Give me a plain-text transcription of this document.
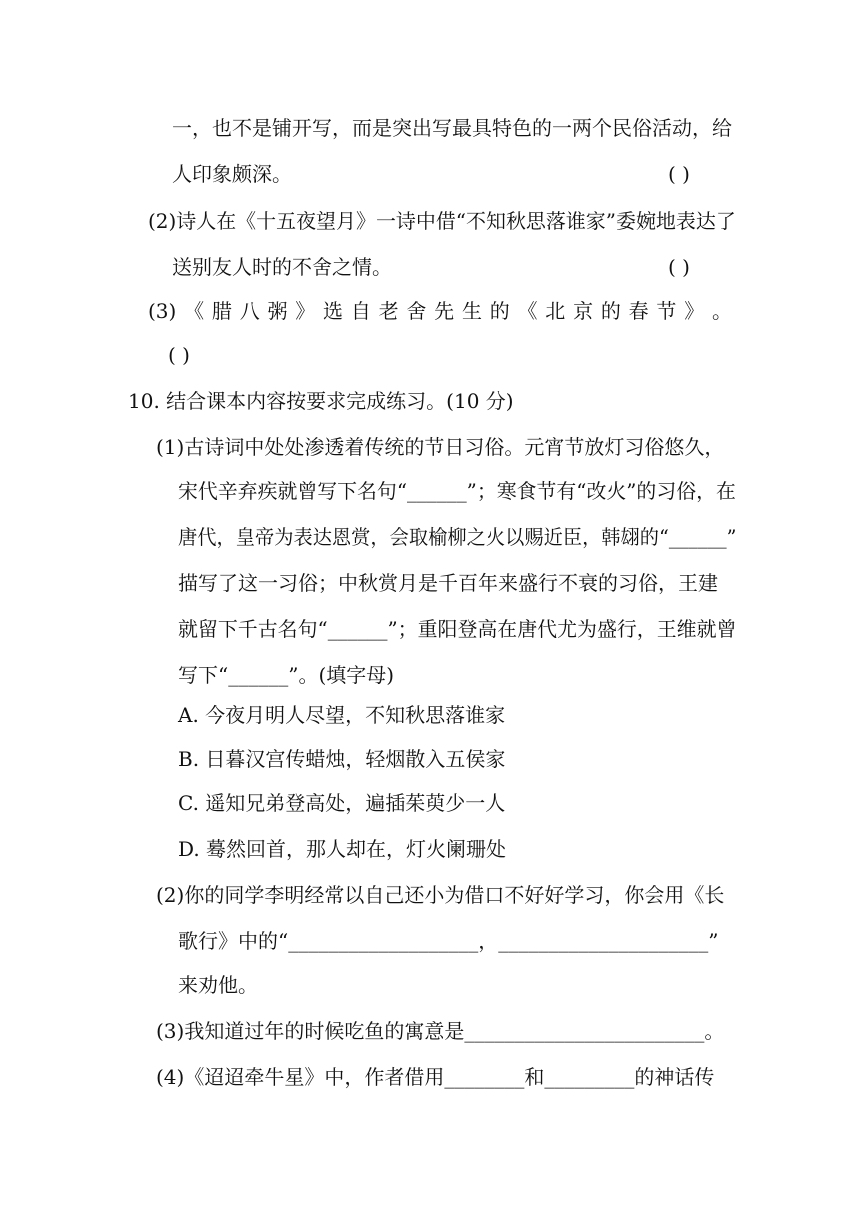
一，也不是铺开写，而是突出写最具特色的一两个民俗活动，给
人印象颇深。	( )
(2)诗人在《十五夜望月》一诗中借“不知秋思落谁家”委婉地表达了
送别友人时的不舍之情。	( )
(3) 《 腊 八 粥 》 选 自 老 舍 先 生 的 《 北 京 的 春 节 》 。
( )
10. 结合课本内容按要求完成练习。(10 分)
(1)古诗词中处处渗透着传统的节日习俗。元宵节放灯习俗悠久，
宋代辛弃疾就曾写下名句“______”；寒食节有“改火”的习俗，在
唐代，皇帝为表达恩赏，会取榆柳之火以赐近臣，韩翃的“______”
描写了这一习俗；中秋赏月是千百年来盛行不衰的习俗，王建
就留下千古名句“______”；重阳登高在唐代尤为盛行，王维就曾
写下“______”。(填字母)
A. 今夜月明人尽望，不知秋思落谁家
B. 日暮汉宫传蜡烛，轻烟散入五侯家
C. 遥知兄弟登高处，遍插茱萸少一人
D. 蓦然回首，那人却在，灯火阑珊处
(2)你的同学李明经常以自己还小为借口不好好学习，你会用《长
歌行》中的“___________________，_____________________”
来劝他。
(3)我知道过年的时候吃鱼的寓意是________________________。
(4)《迢迢牵牛星》中，作者借用________和_________的神话传
